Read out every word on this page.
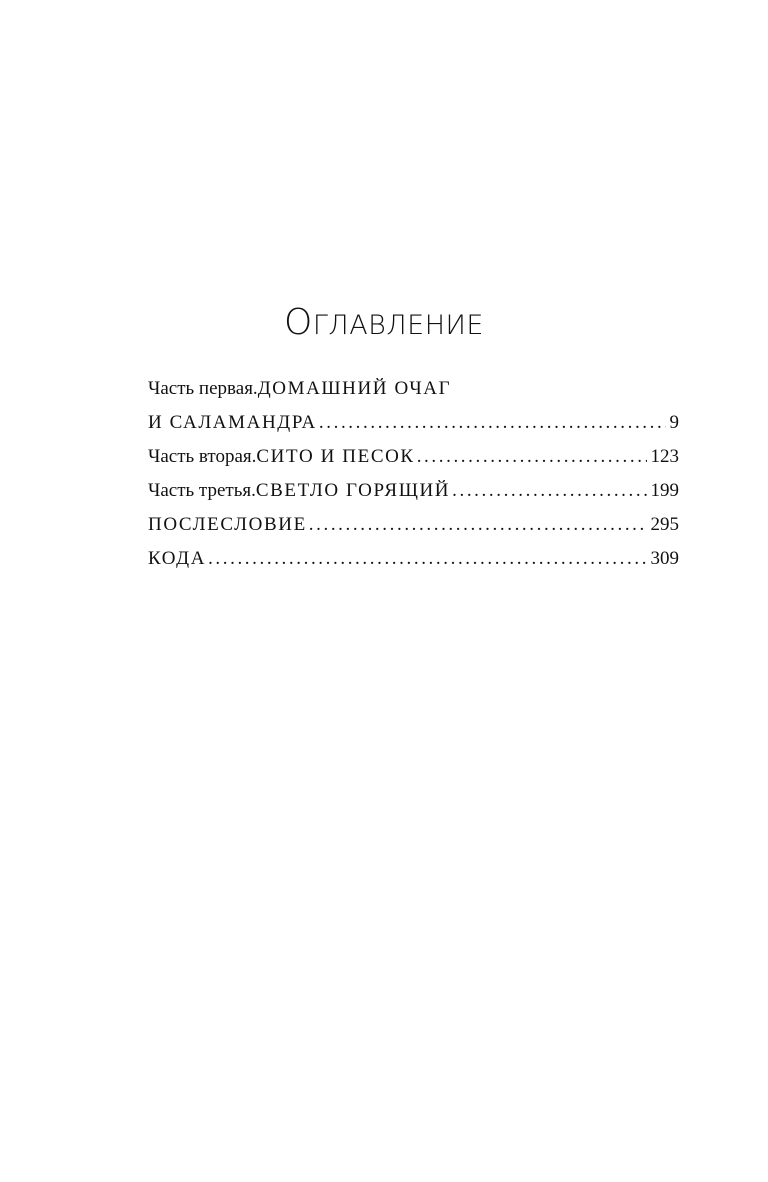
ОГЛАВЛЕНИЕ
Часть первая. ДОМАШНИЙ ОЧАГ
И САЛАМАНДРА .....	9
Часть вторая. СИТО И ПЕСОК .....	123
Часть третья. СВЕТЛО ГОРЯЩИЙ .....	199
ПОСЛЕСЛОВИЕ .....	295
КОДА .....	309
